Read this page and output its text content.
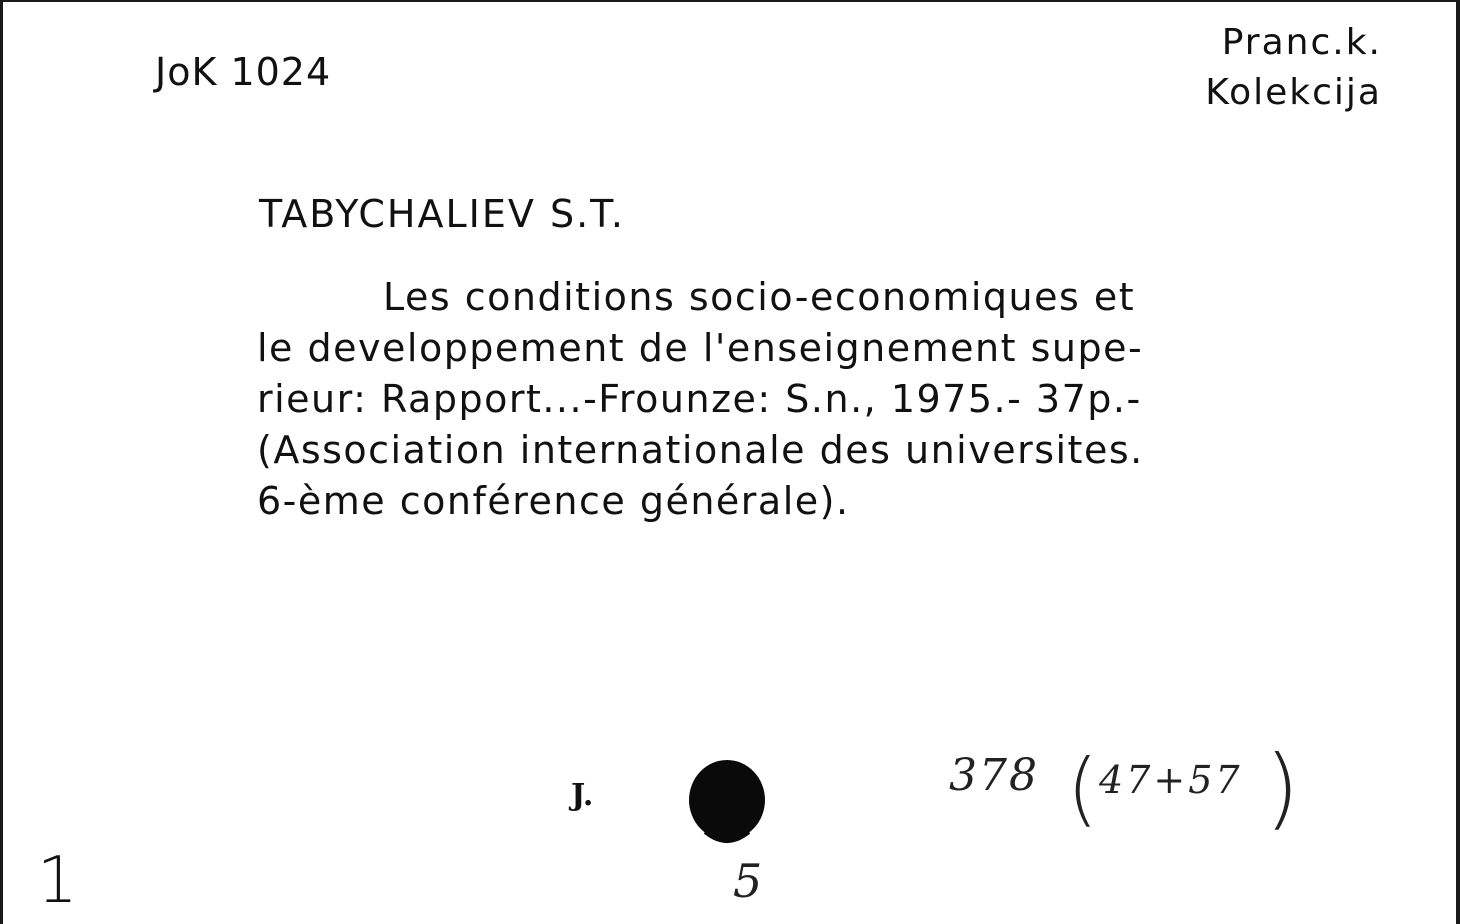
JoK 1024
Pranc.k.
Kolekcija
TABYCHALIEV S.T.
Les conditions socio-economiques et
le developpement de l'enseignement supe-
rieur: Rapport...-Frounze: S.n., 1975.- 37p.-
(Association internationale des universites.
6-ème conférence générale).
J.	378 ( 47+57 )
1	5
